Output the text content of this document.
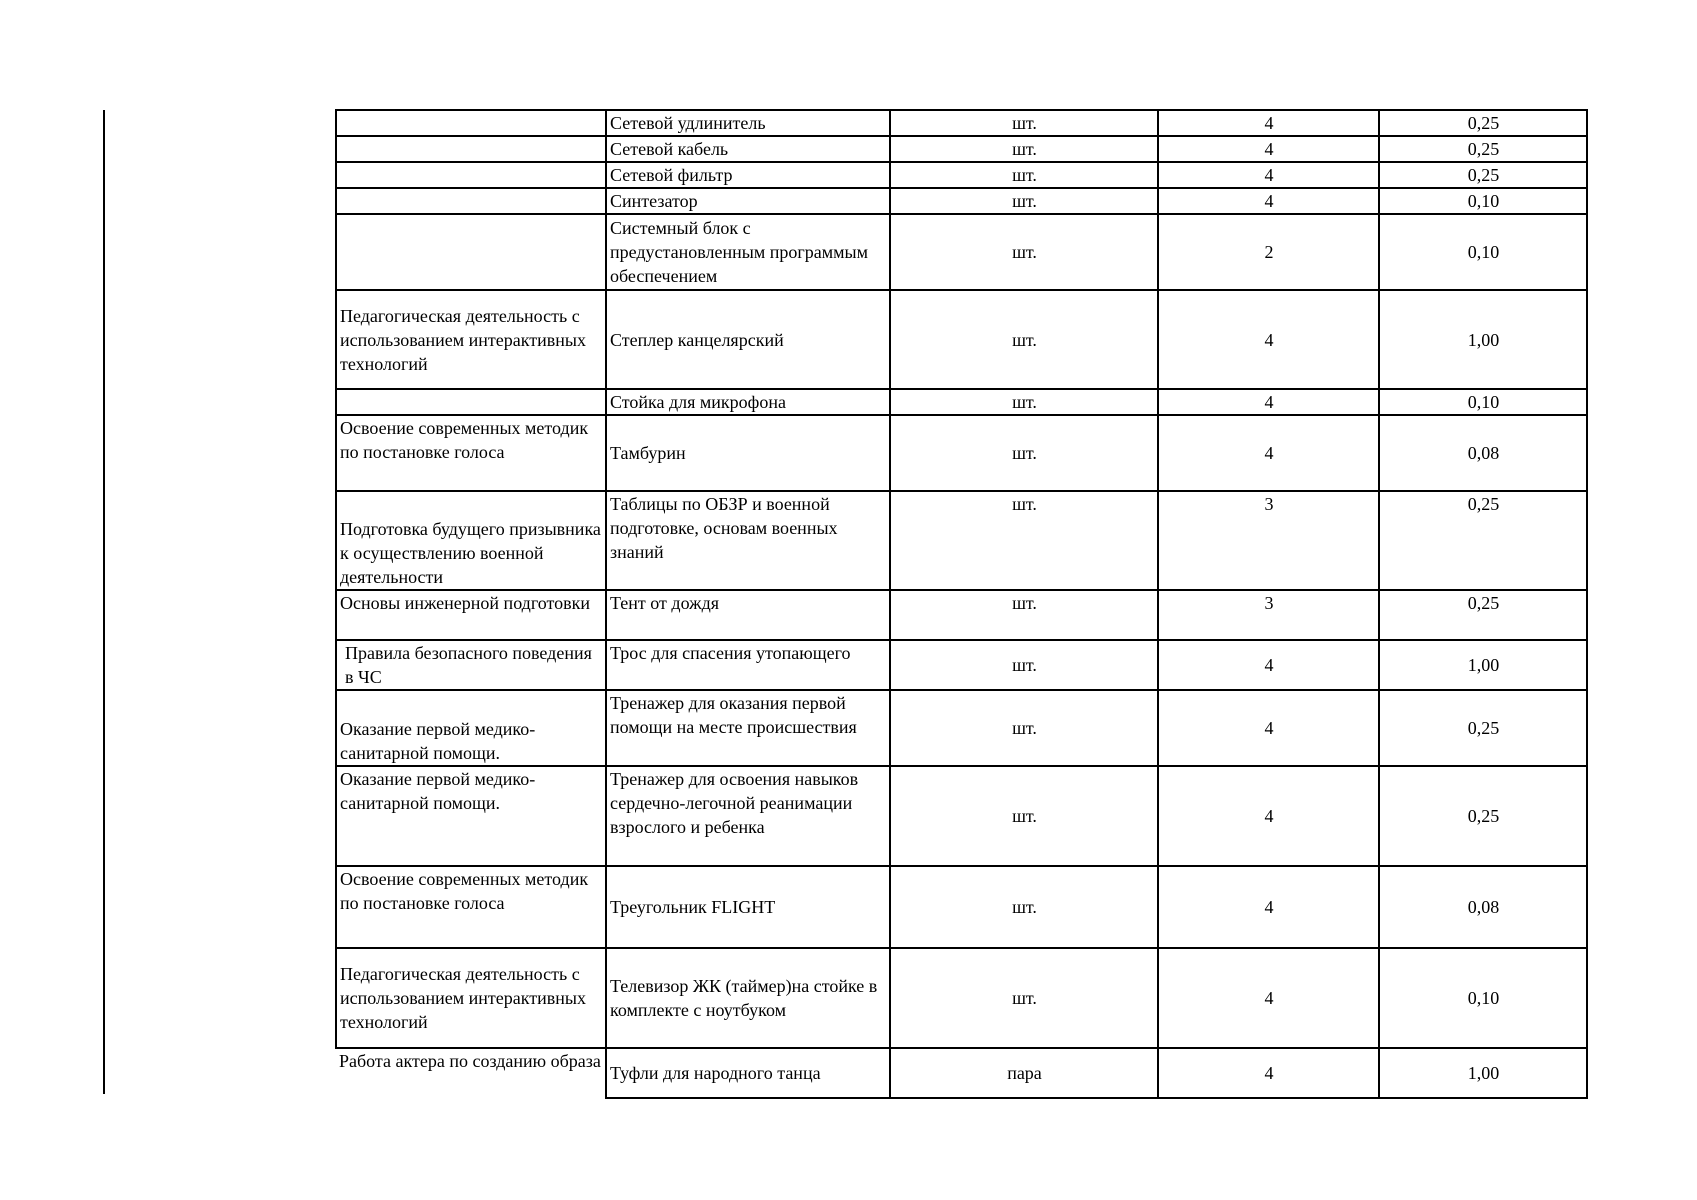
	Сетевой удлинитель	шт.	4	0,25
	Сетевой кабель	шт.	4	0,25
	Сетевой фильтр	шт.	4	0,25
	Синтезатор	шт.	4	0,10
	Системный блок с предустановленным программым обеспечением	шт.	2	0,10
Педагогическая деятельность с использованием интерактивных технологий	Степлер канцелярский	шт.	4	1,00
	Стойка для микрофона	шт.	4	0,10
Освоение современных методик по постановке голоса	Тамбурин	шт.	4	0,08
Подготовка будущего призывника к осуществлению военной деятельности	Таблицы по ОБЗР и военной подготовке, основам военных знаний	шт.	3	0,25
Основы инженерной подготовки	Тент от дождя	шт.	3	0,25
Правила безопасного поведения в ЧС	Трос для спасения утопающего	шт.	4	1,00
Оказание первой медико-санитарной помощи.	Тренажер для оказания первой помощи на месте происшествия	шт.	4	0,25
Оказание первой медико-санитарной помощи.	Тренажер для освоения навыков сердечно-легочной реанимации взрослого и ребенка	шт.	4	0,25
Освоение современных методик по постановке голоса	Треугольник FLIGHT	шт.	4	0,08
Педагогическая деятельность с использованием интерактивных технологий	Телевизор ЖК (таймер)на стойке в комплекте с ноутбуком	шт.	4	0,10
Работа актера по созданию образа	Туфли для народного танца	пара	4	1,00
